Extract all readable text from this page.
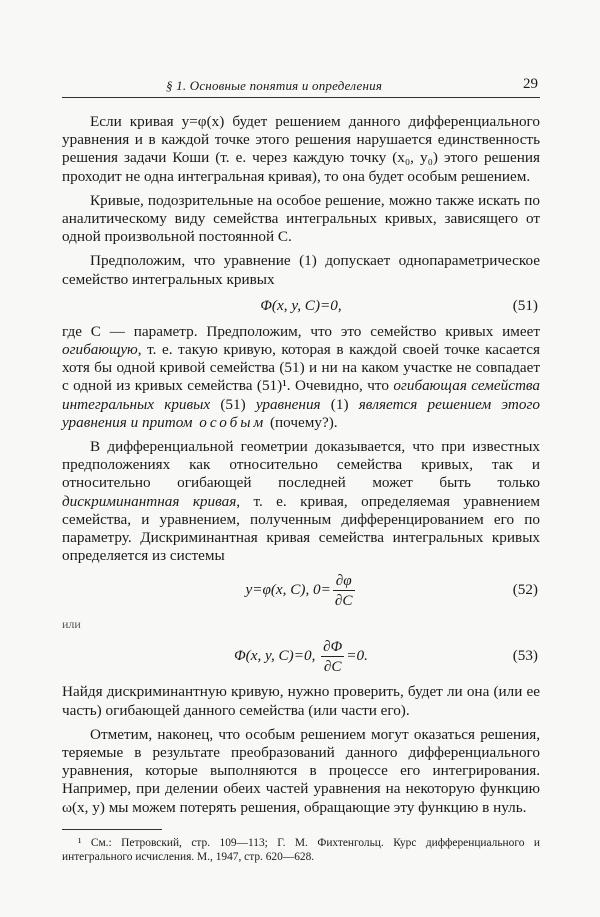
§ 1. Основные понятия и определения	29

Если кривая y=φ(x) будет решением данного дифференциального уравнения и в каждой точке этого решения нарушается единственность решения задачи Коши (т. е. через каждую точку (x₀, y₀) этого решения проходит не одна интегральная кривая), то она будет особым решением.

Кривые, подозрительные на особое решение, можно также искать по аналитическому виду семейства интегральных кривых, зависящего от одной произвольной постоянной C.

Предположим, что уравнение (1) допускает однопараметрическое семейство интегральных кривых

Φ(x, y, C)=0,	(51)

где C — параметр. Предположим, что это семейство кривых имеет огибающую, т. е. такую кривую, которая в каждой своей точке касается хотя бы одной кривой семейства (51) и ни на каком участке не совпадает с одной из кривых семейства (51)¹. Очевидно, что огибающая семейства интегральных кривых (51) уравнения (1) является решением этого уравнения и притом особым (почему?).

В дифференциальной геометрии доказывается, что при известных предположениях как относительно семейства кривых, так и относительно огибающей последней может быть только дискриминантная кривая, т. е. кривая, определяемая уравнением семейства, и уравнением, полученным дифференцированием его по параметру. Дискриминантная кривая семейства интегральных кривых определяется из системы

y=φ(x, C), $0= \frac{\partial\varphi}{\partial C}$	(52)

или

Φ(x, y, C)=0, $\frac{\partial\Phi}{\partial C} =0$.	(53)

Найдя дискриминантную кривую, нужно проверить, будет ли она (или ее часть) огибающей данного семейства (или части его).

Отметим, наконец, что особым решением могут оказаться решения, теряемые в результате преобразований данного дифференциального уравнения, которые выполняются в процессе его интегрирования. Например, при делении обеих частей уравнения на некоторую функцию ω(x, y) мы можем потерять решения, обращающие эту функцию в нуль.

¹ См.: Петровский, стр. 109—113; Г. М. Фихтенгольц. Курс дифференциального и интегрального исчисления. М., 1947, стр. 620—628.
